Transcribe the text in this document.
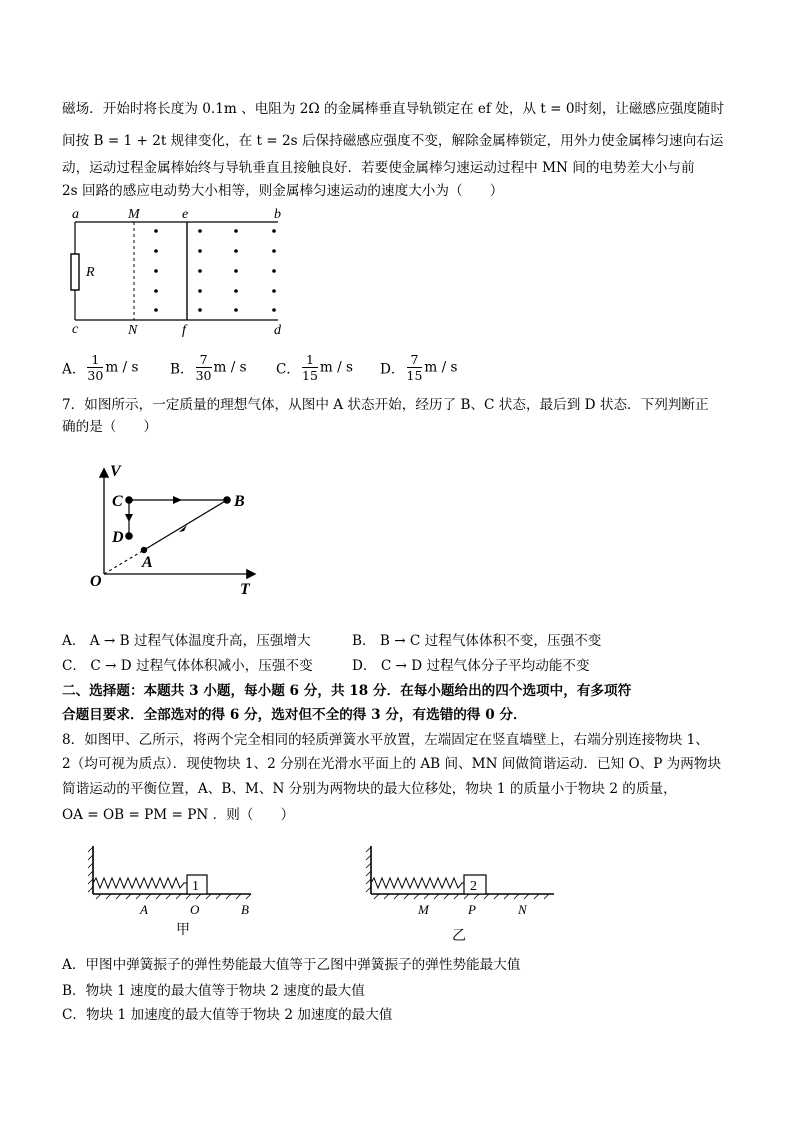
磁场．开始时将长度为 0.1m 、电阻为 2Ω 的金属棒垂直导轨锁定在 ef 处，从 t = 0时刻，让磁感应强度随时
间按 B = 1 + 2t 规律变化，在 t = 2s 后保持磁感应强度不变，解除金属棒锁定，用外力使金属棒匀速向右运
动，运动过程金属棒始终与导轨垂直且接触良好．若要使金属棒匀速运动过程中 MN 间的电势差大小与前
2s 回路的感应电动势大小相等，则金属棒匀速运动的速度大小为（　　）
a	M	e	b
R
c	N	f	d
A． $\frac{1}{30}$ m / s B． $\frac{7}{30}$ m / s C． $\frac{1}{15}$ m / s D． $\frac{7}{15}$ m / s
7．如图所示，一定质量的理想气体，从图中 A 状态开始，经历了 B、C 状态，最后到 D 状态．下列判断正
确的是（　　）
V
T
O
A
B
C
D
A． A → B 过程气体温度升高，压强增大	B． B → C 过程气体体积不变，压强不变
C． C → D 过程气体体积减小，压强不变	D． C → D 过程气体分子平均动能不变
二、选择题：本题共 3 小题，每小题 6 分，共 18 分．在每小题给出的四个选项中，有多项符
合题目要求．全部选对的得 6 分，选对但不全的得 3 分，有选错的得 0 分．
8．如图甲、乙所示，将两个完全相同的轻质弹簧水平放置，左端固定在竖直墙壁上，右端分别连接物块 1、
2（均可视为质点）．现使物块 1、2 分别在光滑水平面上的 AB 间、MN 间做简谐运动．已知 O、P 为两物块
简谐运动的平衡位置，A、B、M、N 分别为两物块的最大位移处，物块 1 的质量小于物块 2 的质量，
OA = OB = PM = PN ．则（　　）
1
A	O	B
甲
2
M	P	N
乙
A．甲图中弹簧振子的弹性势能最大值等于乙图中弹簧振子的弹性势能最大值
B．物块 1 速度的最大值等于物块 2 速度的最大值
C．物块 1 加速度的最大值等于物块 2 加速度的最大值
